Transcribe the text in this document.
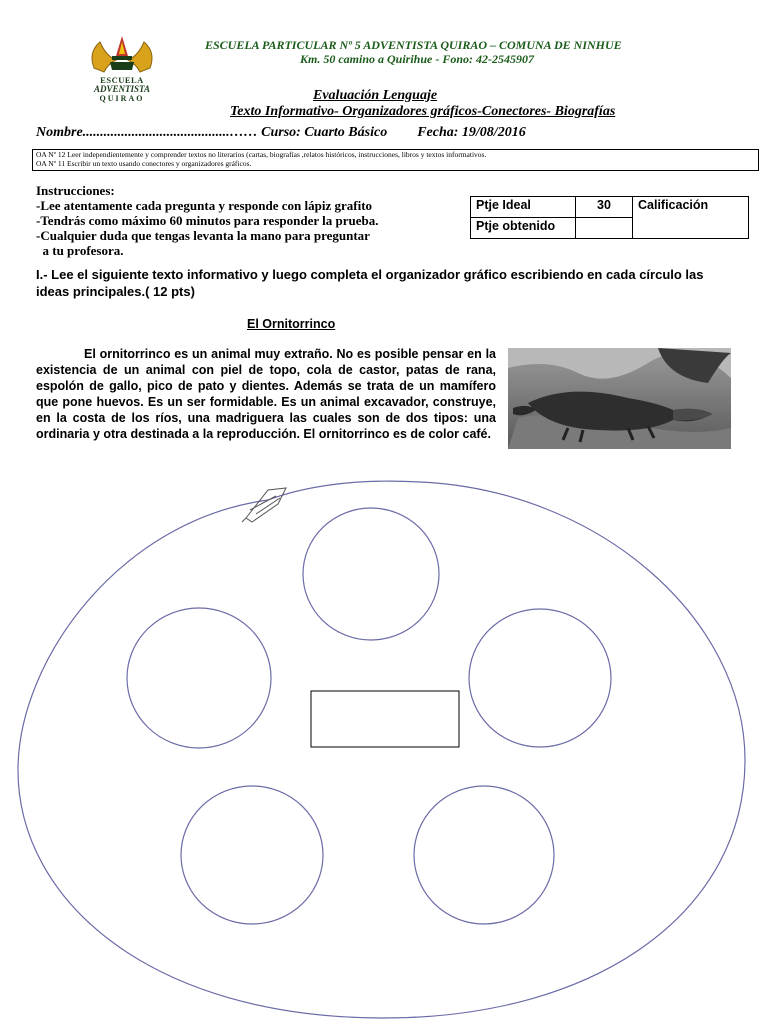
ESCUELA
ADVENTISTA
QUIRAO
ESCUELA PARTICULAR Nº 5 ADVENTISTA QUIRAO – COMUNA DE NINHUE
Km. 50 camino a Quirihue - Fono: 42-2545907
Evaluación Lenguaje
Texto Informativo- Organizadores gráficos-Conectores- Biografías
Nombre..........................................…… Curso: Cuarto Básico Fecha: 19/08/2016
OA Nº 12 Leer independientemente y comprender textos no literarios (cartas, biografías ,relatos históricos, instrucciones, libros y textos informativos.
OA Nº 11 Escribir un texto usando conectores y organizadores gráficos.
Instrucciones:
-Lee atentamente cada pregunta y responde con lápiz grafito
-Tendrás como máximo 60 minutos para responder la prueba.
-Cualquier duda que tengas levanta la mano para preguntar
a tu profesora.
Ptje Ideal	30	Calificación
Ptje obtenido		
I.- Lee el siguiente texto informativo y luego completa el organizador gráfico escribiendo en cada círculo las ideas principales.( 12 pts)
El Ornitorrinco

El ornitorrinco es un animal muy extraño. No es posible pensar en la existencia de un animal con piel de topo, cola de castor, patas de rana, espolón de gallo, pico de pato y dientes. Además se trata de un mamífero que pone huevos. Es un ser formidable. Es un animal excavador, construye, en la costa de los ríos, una madriguera las cuales son de dos tipos: una ordinaria y otra destinada a la reproducción. El ornitorrinco es de color café.
